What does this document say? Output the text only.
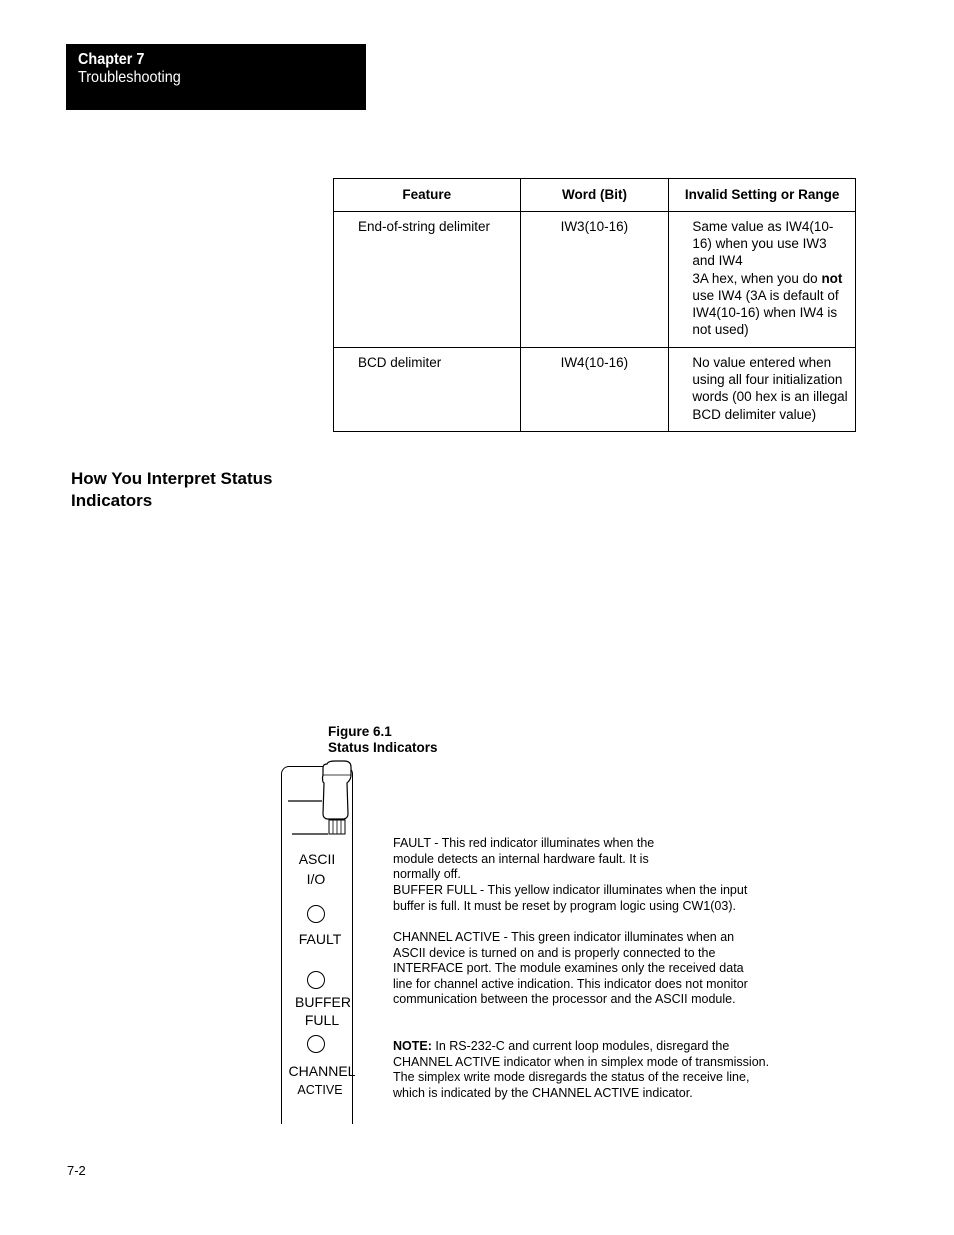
Chapter 7
Troubleshooting
Feature	Word (Bit)	Invalid Setting or Range
End-of-string delimiter	IW3(10-16)	Same value as IW4(10-16) when you use IW3 and IW4
3A hex, when you do not use IW4 (3A is default of IW4(10-16) when IW4 is not used)

BCD delimiter	IW4(10-16)	No value entered when using all four initialization words (00 hex is an illegal BCD delimiter value)
How You Interpret Status
Indicators
Figure 6.1
Status Indicators
ASCII
I/O
FAULT
BUFFER
FULL
CHANNEL
ACTIVE
FAULT - This red indicator illuminates when the module detects an internal hardware fault. It is normally off.
BUFFER FULL - This yellow indicator illuminates when the input buffer is full. It must be reset by program logic using CW1(03).
CHANNEL ACTIVE - This green indicator illuminates when an ASCII device is turned on and is properly connected to the INTERFACE port. The module examines only the received data line for channel active indication. This indicator does not monitor communication between the processor and the ASCII module.
NOTE: In RS-232-C and current loop modules, disregard the CHANNEL ACTIVE indicator when in simplex mode of transmission. The simplex write mode disregards the status of the receive line, which is indicated by the CHANNEL ACTIVE indicator.
7-2
